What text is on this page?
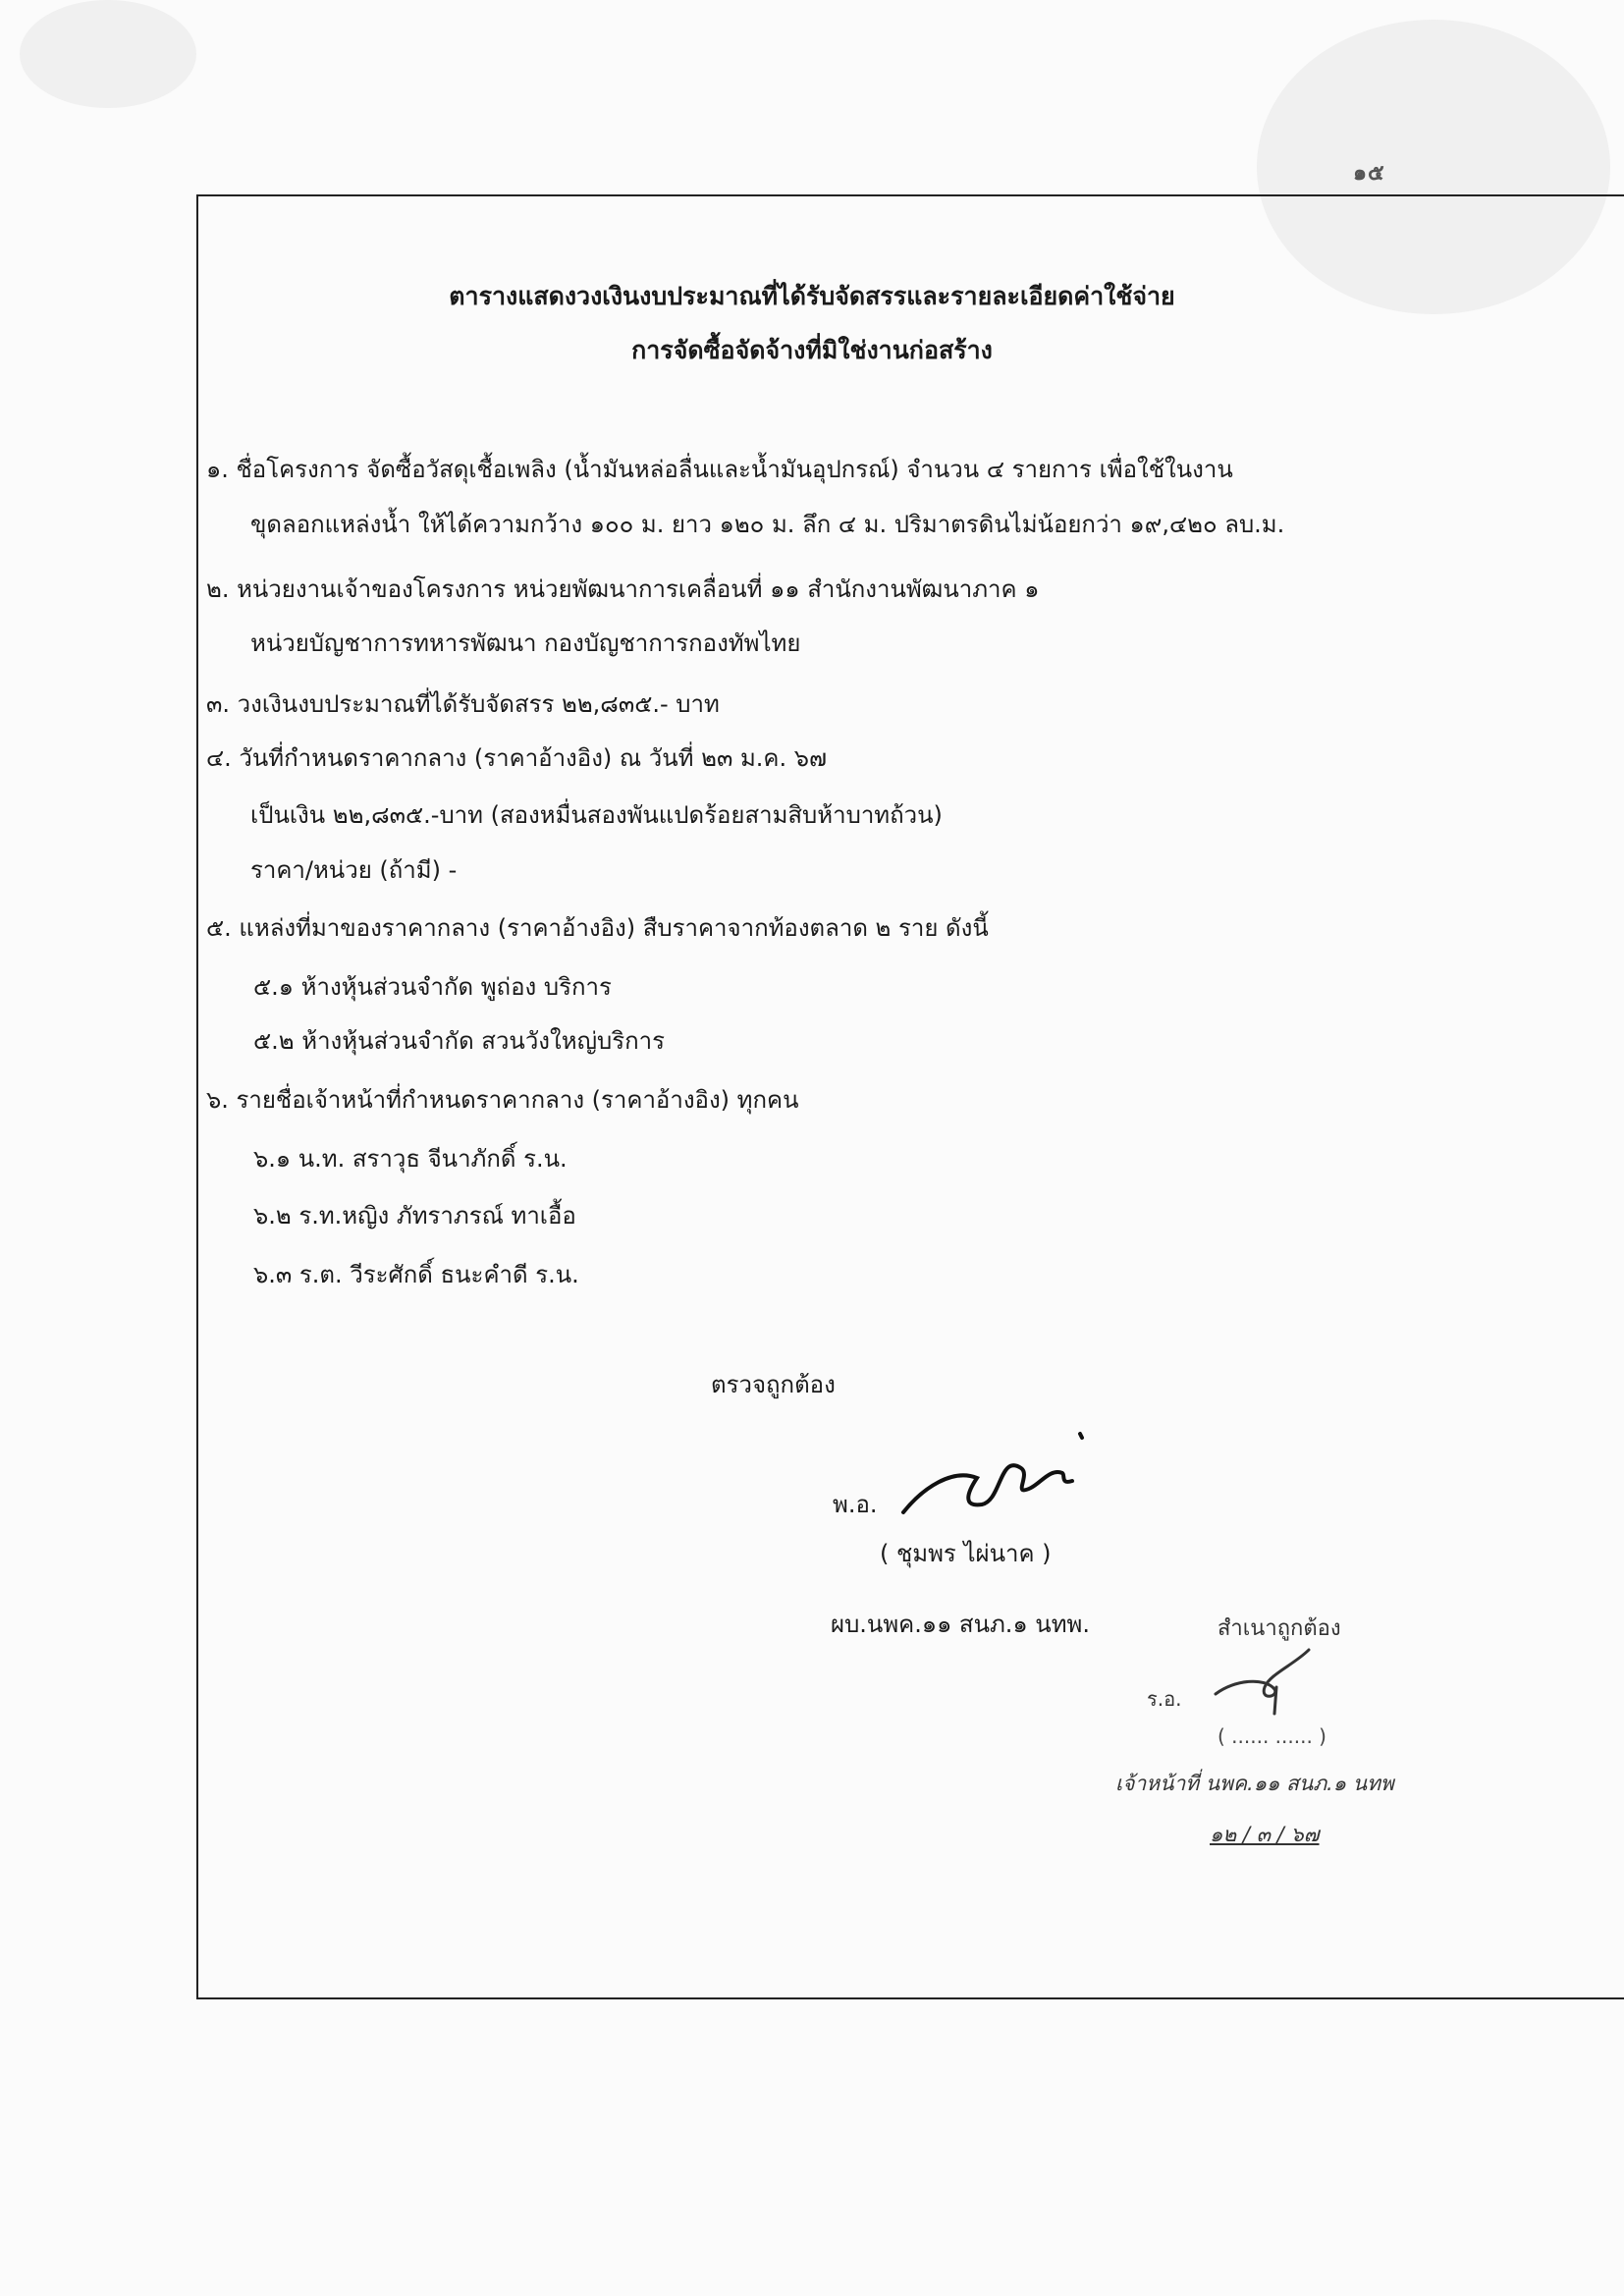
๑๕
ตารางแสดงวงเงินงบประมาณที่ได้รับจัดสรรและรายละเอียดค่าใช้จ่าย
การจัดซื้อจัดจ้างที่มิใช่งานก่อสร้าง
๑. ชื่อโครงการ จัดซื้อวัสดุเชื้อเพลิง (น้ำมันหล่อลื่นและน้ำมันอุปกรณ์) จำนวน ๔ รายการ เพื่อใช้ในงาน
ขุดลอกแหล่งน้ำ ให้ได้ความกว้าง ๑๐๐ ม. ยาว ๑๒๐ ม. ลึก ๔ ม. ปริมาตรดินไม่น้อยกว่า ๑๙,๔๒๐ ลบ.ม.
๒. หน่วยงานเจ้าของโครงการ หน่วยพัฒนาการเคลื่อนที่ ๑๑ สำนักงานพัฒนาภาค ๑
หน่วยบัญชาการทหารพัฒนา กองบัญชาการกองทัพไทย
๓. วงเงินงบประมาณที่ได้รับจัดสรร ๒๒,๘๓๕.- บาท
๔. วันที่กำหนดราคากลาง (ราคาอ้างอิง) ณ วันที่ ๒๓ ม.ค. ๖๗
เป็นเงิน ๒๒,๘๓๕.-บาท (สองหมื่นสองพันแปดร้อยสามสิบห้าบาทถ้วน)
ราคา/หน่วย (ถ้ามี) -
๕. แหล่งที่มาของราคากลาง (ราคาอ้างอิง) สืบราคาจากท้องตลาด ๒ ราย ดังนี้
๕.๑ ห้างหุ้นส่วนจำกัด พูถ่อง บริการ
๕.๒ ห้างหุ้นส่วนจำกัด สวนวังใหญ่บริการ
๖. รายชื่อเจ้าหน้าที่กำหนดราคากลาง (ราคาอ้างอิง) ทุกคน
๖.๑ น.ท. สราวุธ จีนาภักดิ์ ร.น.
๖.๒ ร.ท.หญิง ภัทราภรณ์ ทาเอื้อ
๖.๓ ร.ต. วีระศักดิ์ ธนะคำดี ร.น.
ตรวจถูกต้อง
พ.อ.
( ชุมพร ไผ่นาค )
ผบ.นพค.๑๑ สนภ.๑ นทพ.	สำเนาถูกต้อง
ร.อ.
( ...... ...... )
เจ้าหน้าที่ นพค.๑๑ สนภ.๑ นทพ
๑๒ / ๓ / ๖๗
